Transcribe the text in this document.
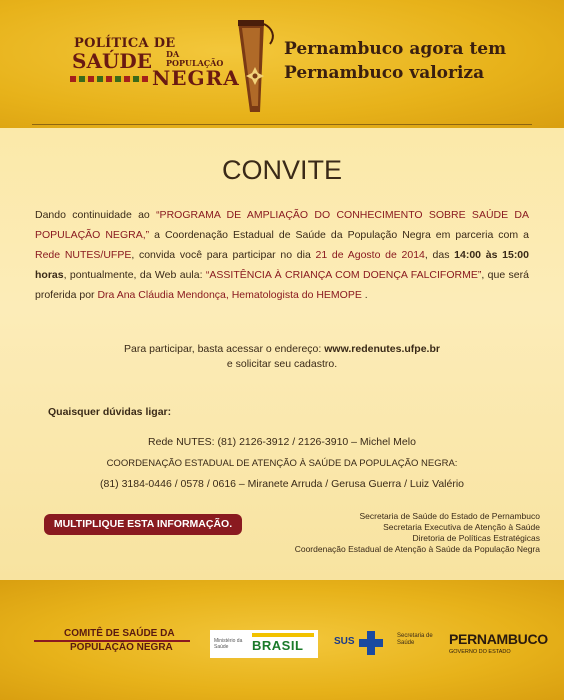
POLÍTICA DE
SAÚDE DA POPULAÇÃO
NEGRA
Pernambuco agora tem
Pernambuco valoriza
CONVITE
Dando continuidade ao “PROGRAMA DE AMPLIAÇÃO DO CONHECIMENTO SOBRE SAÚDE DA POPULAÇÃO NEGRA,” a Coordenação Estadual de Saúde da População Negra em parceria com a Rede NUTES/UFPE, convida você para participar no dia 21 de Agosto de 2014, das 14:00 às 15:00 horas, pontualmente, da Web aula: “ASSITÊNCIA À CRIANÇA COM DOENÇA FALCIFORME”, que será proferida por Dra Ana Cláudia Mendonça, Hematologista do HEMOPE .
Para participar, basta acessar o endereço: www.redenutes.ufpe.br
e solicitar seu cadastro.
Quaisquer dúvidas ligar:
Rede NUTES: (81) 2126-3912 / 2126-3910 – Michel Melo
COORDENAÇÃO ESTADUAL DE ATENÇÃO À SAÚDE DA POPULAÇÃO NEGRA:
(81) 3184-0446 / 0578 / 0616 – Miranete Arruda / Gerusa Guerra / Luiz Valério
MULTIPLIQUE ESTA INFORMAÇÃO.
Secretaria de Saúde do Estado de Pernambuco
Secretaria Executiva de Atenção à Saúde
Diretoria de Políticas Estratégicas
Coordenação Estadual de Atenção à Saúde da População Negra
COMITÊ DE SAÚDE DA
POPULAÇÃO NEGRA
Ministério da Saúde	BRASIL	SUS	Secretaria de Saúde	PERNAMBUCO
GOVERNO DO ESTADO
